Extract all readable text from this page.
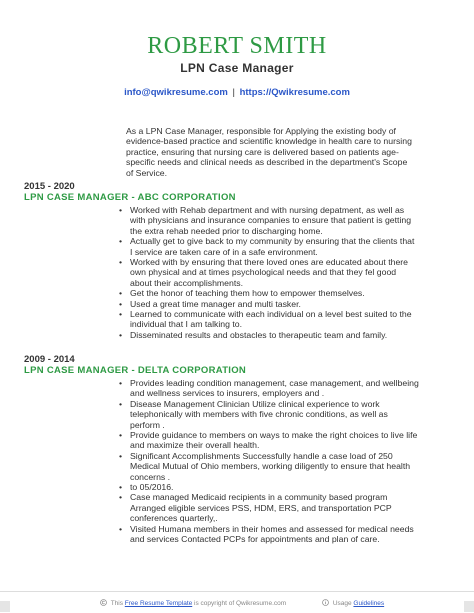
ROBERT SMITH
LPN Case Manager
info@qwikresume.com | https://Qwikresume.com
As a LPN Case Manager, responsible for Applying the existing body of evidence-based practice and scientific knowledge in health care to nursing practice, ensuring that nursing care is delivered based on patients age-specific needs and clinical needs as described in the department's Scope of Service.
2015 - 2020
LPN CASE MANAGER - ABC CORPORATION
• Worked with Rehab department and with nursing depatment, as well as with physicians and insurance companies to ensure that patient is getting the extra rehab needed prior to discharging home.
• Actually get to give back to my community by ensuring that the clients that I service are taken care of in a safe environment.
• Worked with by ensuring that there loved ones are educated about there own physical and at times psychological needs and that they fel good about their accomplishments.
• Get the honor of teaching them how to empower themselves.
• Used a great time manager and multi tasker.
• Learned to communicate with each individual on a level best suited to the individual that I am talking to.
• Disseminated results and obstacles to therapeutic team and family.
2009 - 2014
LPN CASE MANAGER - DELTA CORPORATION
• Provides leading condition management, case management, and wellbeing and wellness services to insurers, employers and .
• Disease Management Clinician Utilize clinical experience to work telephonically with members with five chronic conditions, as well as perform .
• Provide guidance to members on ways to make the right choices to live life and maximize their overall health.
• Significant Accomplishments Successfully handle a case load of 250 Medical Mutual of Ohio members, working diligently to ensure that health concerns .
• to 05/2016.
• Case managed Medicaid recipients in a community based program Arranged eligible services PSS, HDM, ERS, and transportation PCP conferences quarterly,.
• Visited Humana members in their homes and assessed for medical needs and services Contacted PCPs for appointments and plan of care.
This Free Resume Template is copyright of Qwikresume.com	Usage Guidelines
